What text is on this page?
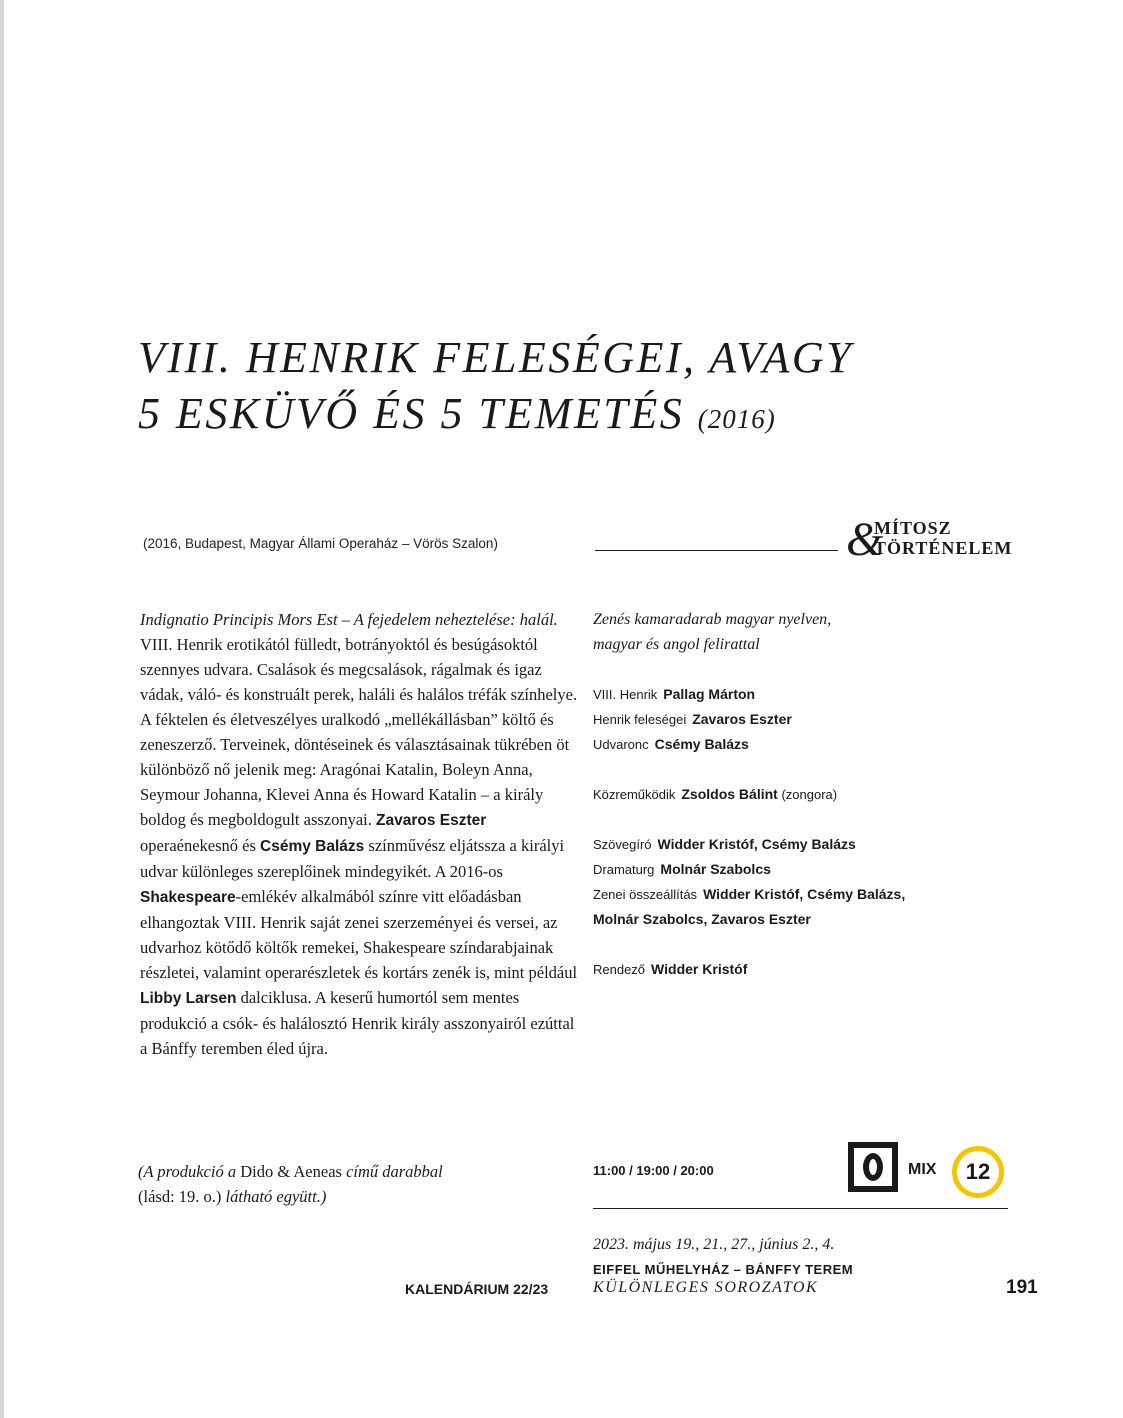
VIII. HENRIK FELESÉGEI, AVAGY
5 ESKÜVŐ ÉS 5 TEMETÉS (2016)
(2016, Budapest, Magyar Állami Operaház – Vörös Szalon)	&
MÍTOSZ
TÖRTÉNELEM

Indignatio Principis Mors Est – A fejedelem neheztelése: halál. VIII. Henrik erotikától fülledt, botrányoktól és besúgásoktól szennyes udvara. Csalások és megcsalások, rágalmak és igaz vádak, váló- és konstruált perek, haláli és halálos tréfák színhelye. A féktelen és életveszélyes uralkodó „mellékállásban” költő és zeneszerző. Terveinek, döntéseinek és választásainak tükrében öt különböző nő jelenik meg: Aragónai Katalin, Boleyn Anna, Seymour Johanna, Klevei Anna és Howard Katalin – a király boldog és megboldogult asszonyai. Zavaros Eszter operaénekesnő és Csémy Balázs színművész eljátssza a királyi udvar különleges szereplőinek mindegyikét. A 2016-os Shakespeare-emlékév alkalmából színre vitt előadásban elhangoztak VIII. Henrik saját zenei szerzeményei és versei, az udvarhoz kötődő költők remekei, Shakespeare színdarabjainak részletei, valamint operarészletek és kortárs zenék is, mint például Libby Larsen dalciklusa. A keserű humortól sem mentes produkció a csók- és halálosztó Henrik király asszonyairól ezúttal a Bánffy teremben éled újra.

(A produkció a Dido & Aeneas című darabbal
(lásd: 19. o.) látható együtt.)

Zenés kamaradarab magyar nyelven,
magyar és angol felirattal

VIII. Henrik Pallag Márton
Henrik feleségei Zavaros Eszter
Udvaronc Csémy Balázs
Közreműködik Zsoldos Bálint (zongora)
Szövegíró Widder Kristóf, Csémy Balázs
Dramaturg Molnár Szabolcs
Zenei összeállítás Widder Kristóf, Csémy Balázs,
Molnár Szabolcs, Zavaros Eszter
Rendező Widder Kristóf
11:00 / 19:00 / 20:00	MIX	12
2023. május 19., 21., 27., június 2., 4.
EIFFEL MŰHELYHÁZ – BÁNFFY TEREM
KALENDÁRIUM 22/23	KÜLÖNLEGES SOROZATOK	191
